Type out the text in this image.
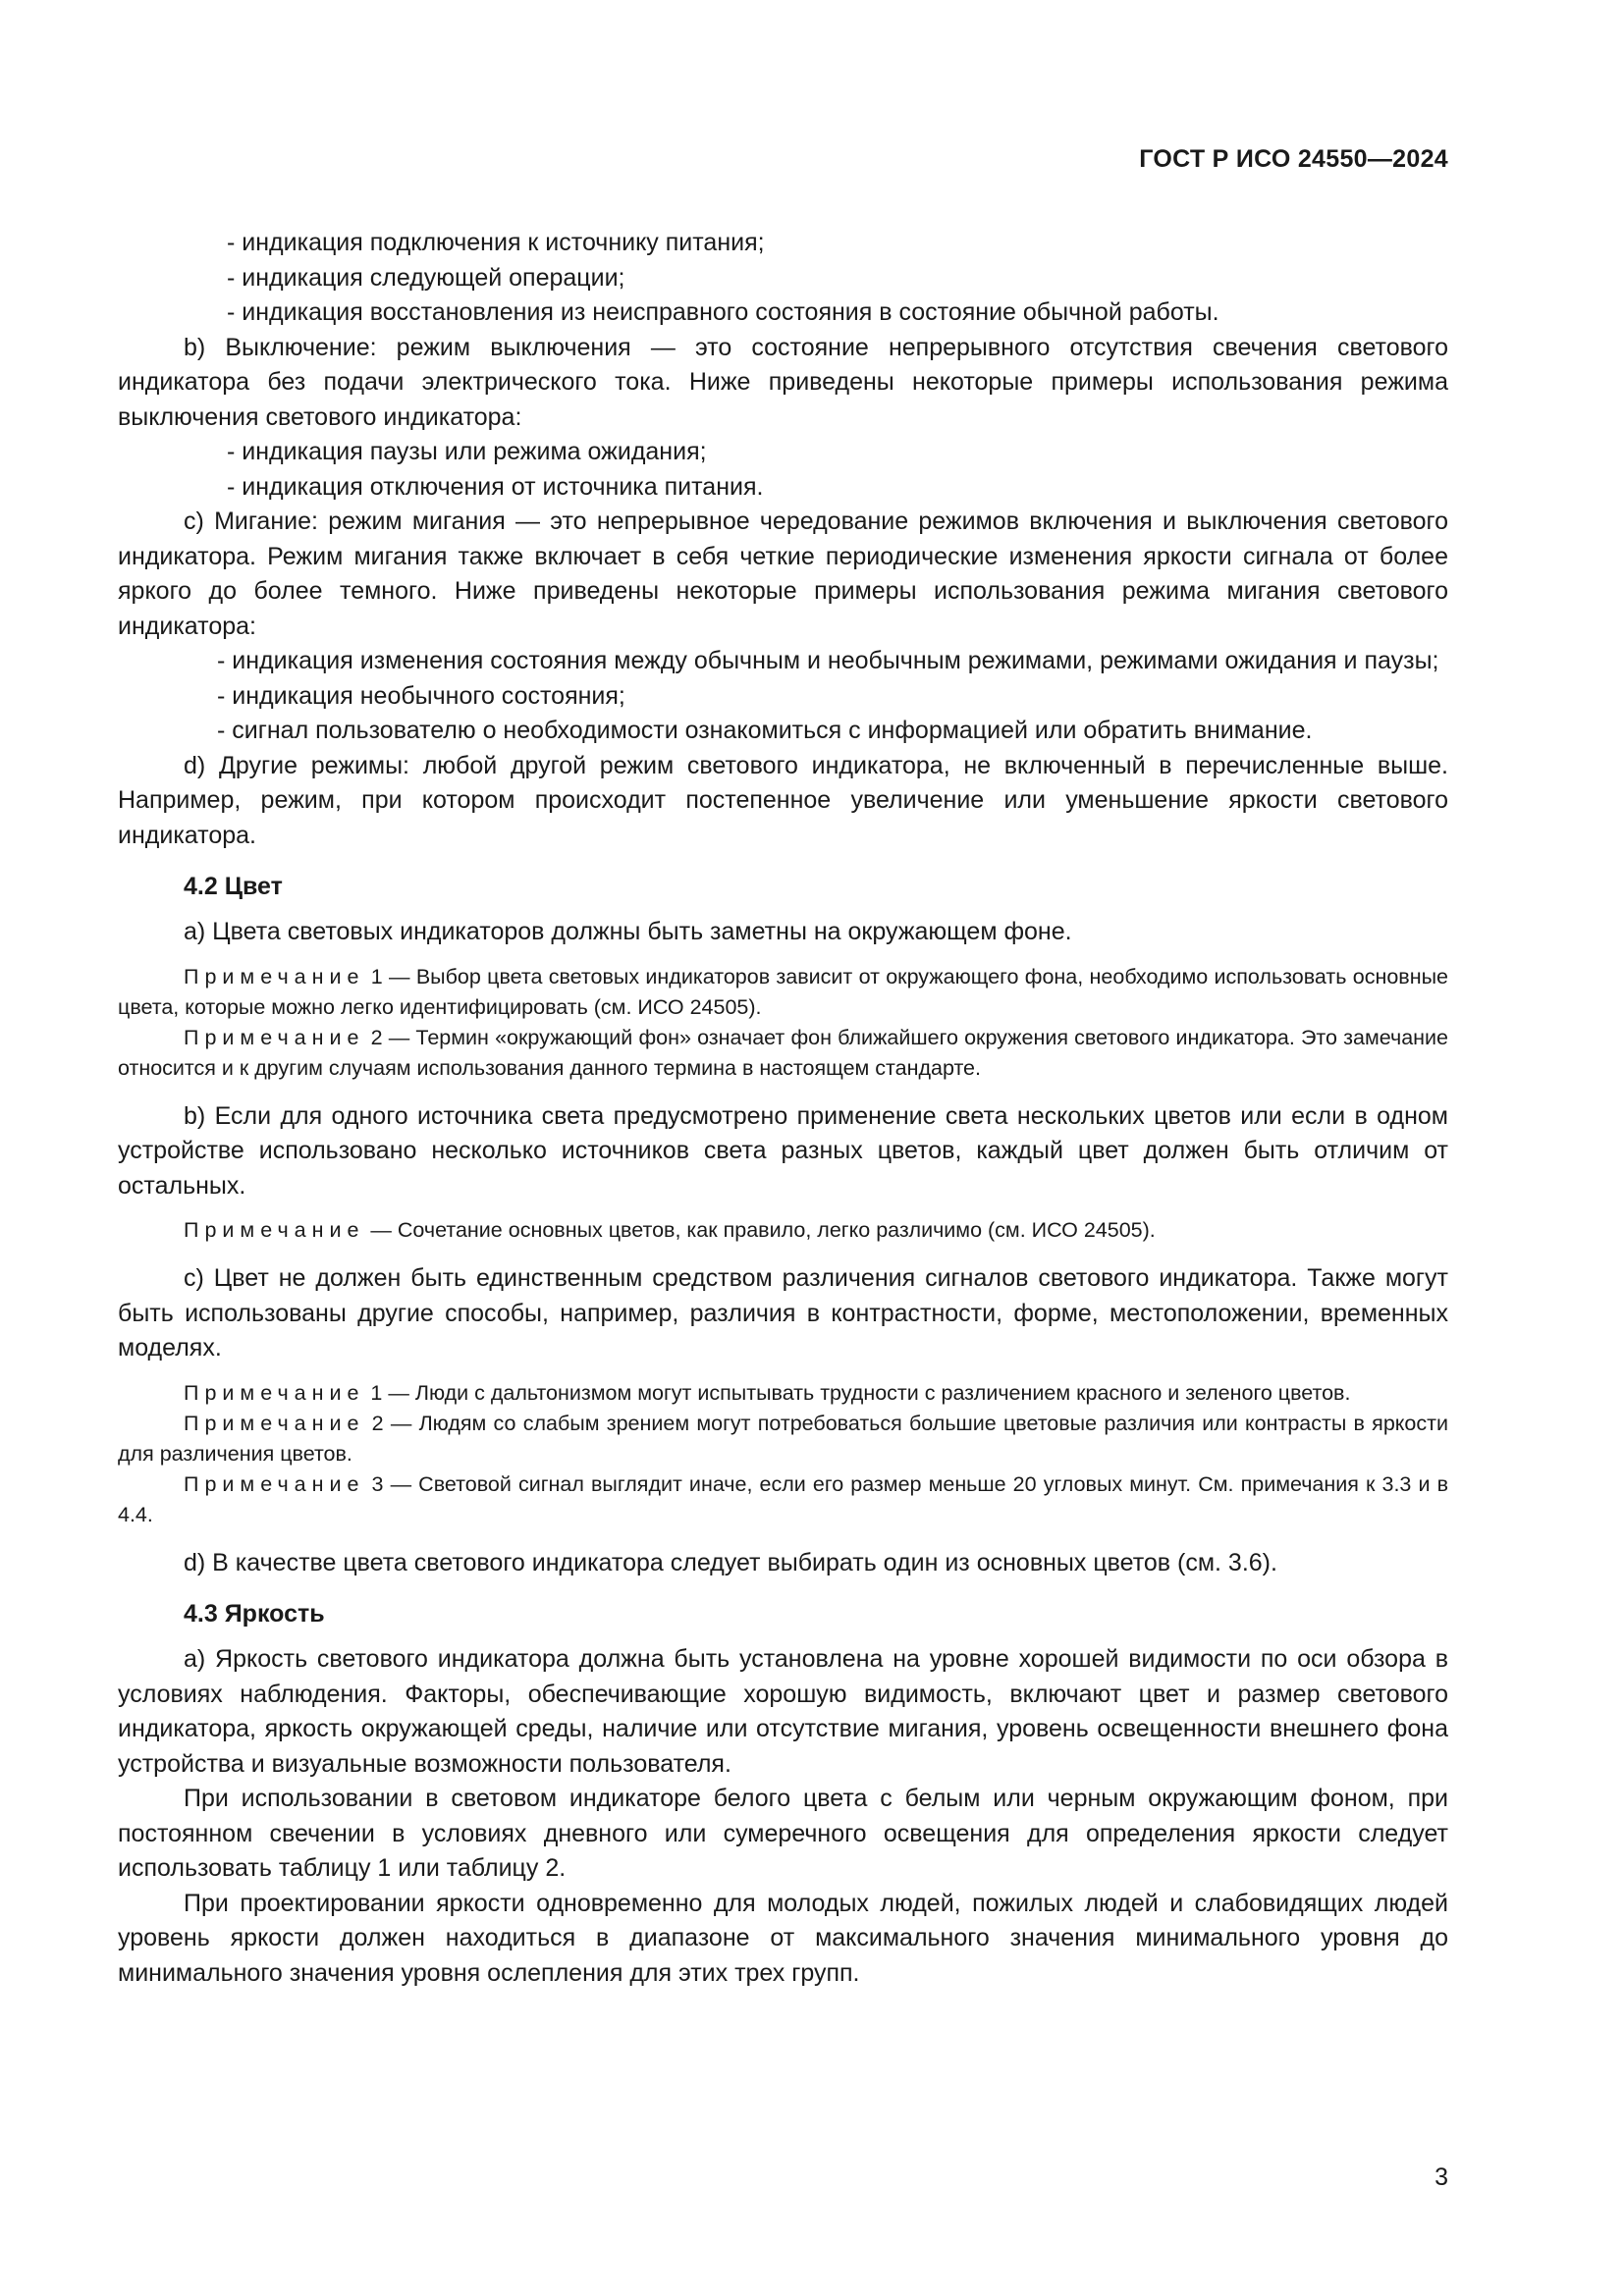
ГОСТ Р ИСО 24550—2024

- индикация подключения к источнику питания;

- индикация следующей операции;

- индикация восстановления из неисправного состояния в состояние обычной работы.

b) Выключение: режим выключения — это состояние непрерывного отсутствия свечения светового индикатора без подачи электрического тока. Ниже приведены некоторые примеры использования режима выключения светового индикатора:

- индикация паузы или режима ожидания;

- индикация отключения от источника питания.

c) Мигание: режим мигания — это непрерывное чередование режимов включения и выключения светового индикатора. Режим мигания также включает в себя четкие периодические изменения яркости сигнала от более яркого до более темного. Ниже приведены некоторые примеры использования режима мигания светового индикатора:

- индикация изменения состояния между обычным и необычным режимами, режимами ожидания и паузы;

- индикация необычного состояния;

- сигнал пользователю о необходимости ознакомиться с информацией или обратить внимание.

d) Другие режимы: любой другой режим светового индикатора, не включенный в перечисленные выше. Например, режим, при котором происходит постепенное увеличение или уменьшение яркости светового индикатора.

4.2 Цвет

a) Цвета световых индикаторов должны быть заметны на окружающем фоне.

Примечание 1 — Выбор цвета световых индикаторов зависит от окружающего фона, необходимо использовать основные цвета, которые можно легко идентифицировать (см. ИСО 24505).

Примечание 2 — Термин «окружающий фон» означает фон ближайшего окружения светового индикатора. Это замечание относится и к другим случаям использования данного термина в настоящем стандарте.

b) Если для одного источника света предусмотрено применение света нескольких цветов или если в одном устройстве использовано несколько источников света разных цветов, каждый цвет должен быть отличим от остальных.

Примечание — Сочетание основных цветов, как правило, легко различимо (см. ИСО 24505).

c) Цвет не должен быть единственным средством различения сигналов светового индикатора. Также могут быть использованы другие способы, например, различия в контрастности, форме, местоположении, временных моделях.

Примечание 1 — Люди с дальтонизмом могут испытывать трудности с различением красного и зеленого цветов.

Примечание 2 — Людям со слабым зрением могут потребоваться большие цветовые различия или контрасты в яркости для различения цветов.

Примечание 3 — Световой сигнал выглядит иначе, если его размер меньше 20 угловых минут. См. примечания к 3.3 и в 4.4.

d) В качестве цвета светового индикатора следует выбирать один из основных цветов (см. 3.6).

4.3 Яркость

a) Яркость светового индикатора должна быть установлена на уровне хорошей видимости по оси обзора в условиях наблюдения. Факторы, обеспечивающие хорошую видимость, включают цвет и размер светового индикатора, яркость окружающей среды, наличие или отсутствие мигания, уровень освещенности внешнего фона устройства и визуальные возможности пользователя.

При использовании в световом индикаторе белого цвета с белым или черным окружающим фоном, при постоянном свечении в условиях дневного или сумеречного освещения для определения яркости следует использовать таблицу 1 или таблицу 2.

При проектировании яркости одновременно для молодых людей, пожилых людей и слабовидящих людей уровень яркости должен находиться в диапазоне от максимального значения минимального уровня до минимального значения уровня ослепления для этих трех групп.

3
